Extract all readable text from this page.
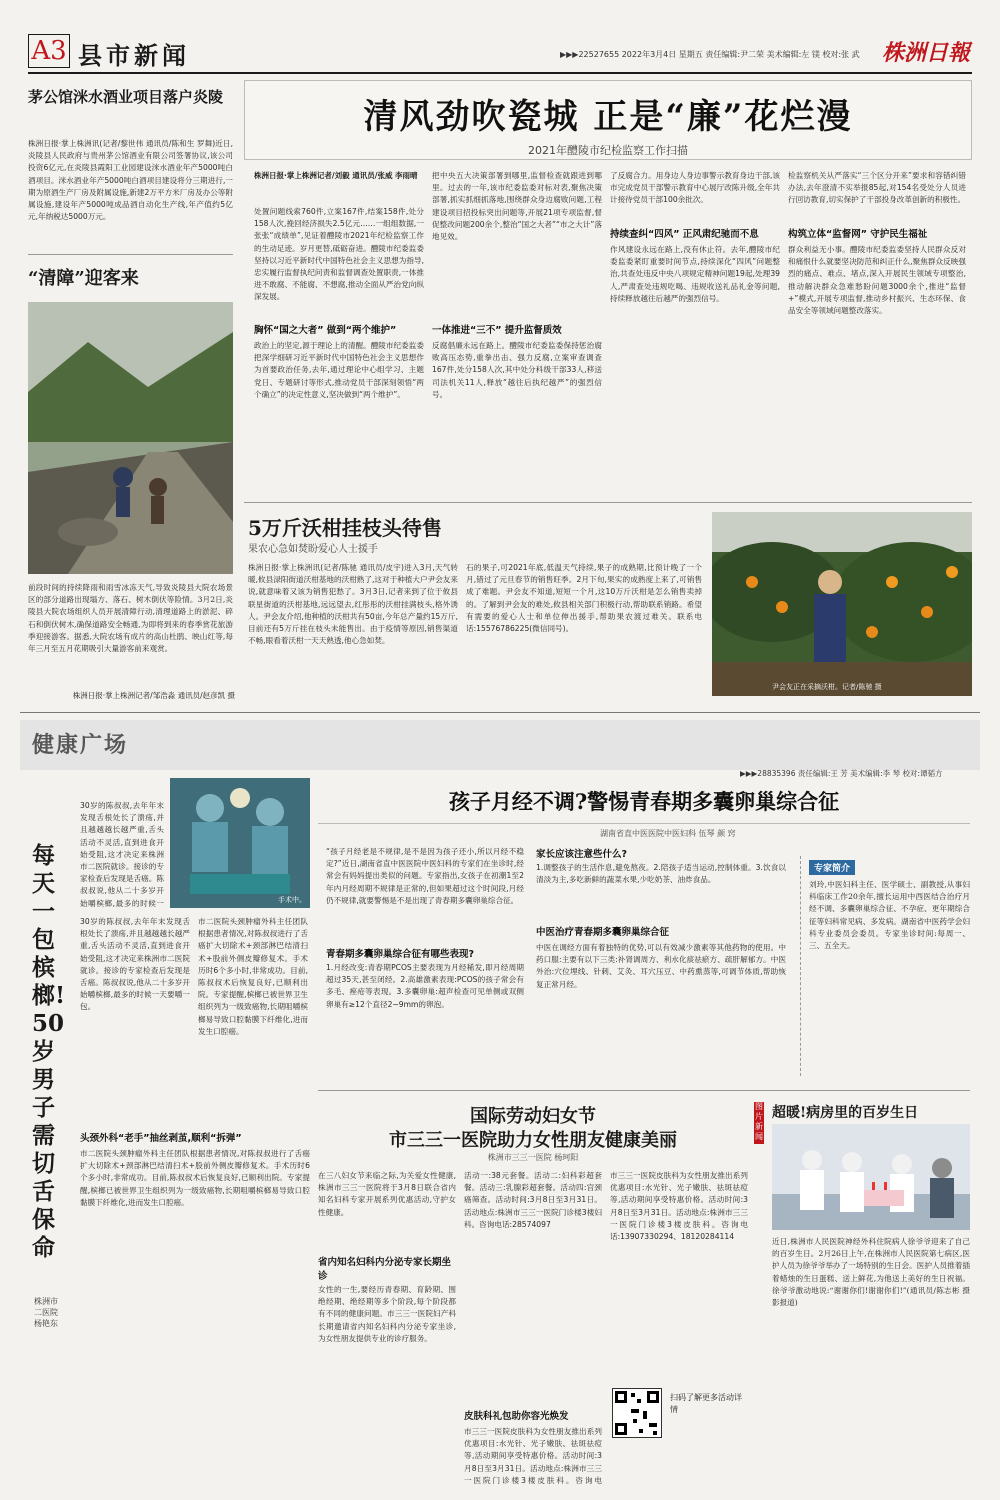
A3 县市新闻	▶▶▶22527655 2022年3月4日 星期五 责任编辑:尹二荣 美术编辑:左 镁 校对:张 武 株洲日報
茅公馆洣水酒业项目落户炎陵
株洲日报·掌上株洲讯(记者/黎世伟 通讯员/陈和生 罗舞)近日,炎陵县人民政府与贵州茅公馆酒业有限公司签署协议,该公司投资6亿元,在炎陵县霞阳工业园建设洣水酒业年产5000吨白酒项目。洣水酒业年产5000吨白酒项目建设将分三期进行,一期为原酒生产厂房及附属设施,新建2万平方米厂房及办公等附属设施,建设年产5000吨成品酒自动化生产线,年产值约5亿元,年纳税达5000万元。
“清障”迎客来
前段时间的持续降雨和雨雪冰冻天气,导致炎陵县大院农场景区的部分道路出现塌方、落石、树木倒伏等险情。3月2日,炎陵县大院农场组织人员开展清障行动,清理道路上的淤泥、碎石和倒伏树木,确保道路安全畅通,为即将到来的春季赏花旅游季迎接游客。据悉,大院农场有成片的高山杜鹃、映山红等,每年三月至五月花期吸引大量游客前来观赏。
株洲日报·掌上株洲记者/邹浩淼 通讯员/赵彦凯 摄
清风劲吹瓷城 正是“廉”花烂漫
2021年醴陵市纪检监察工作扫描
株洲日报·掌上株洲记者/刘毅 通讯员/张威 李雨晴
处置问题线索760件,立案167件,结案158件,处分158人次,挽回经济损失2.5亿元……一组组数据,一张张“成绩单”,见证着醴陵市2021年纪检监察工作的生动足迹。岁月更替,砥砺奋进。醴陵市纪委监委坚持以习近平新时代中国特色社会主义思想为指导,忠实履行监督执纪问责和监督调查处置职责,一体推进不敢腐、不能腐、不想腐,推动全面从严治党向纵深发展。
胸怀“国之大者” 做到“两个维护”
政治上的坚定,源于理论上的清醒。醴陵市纪委监委把深学细研习近平新时代中国特色社会主义思想作为首要政治任务,去年,通过理论中心组学习、主题党日、专题研讨等形式,推动党员干部深刻领悟“两个确立”的决定性意义,坚决做到“两个维护”。
把中央五大决策部署到哪里,监督检查就跟进到哪里。过去的一年,该市纪委监委对标对表,聚焦决策部署,抓实抓细抓落地,围绕群众身边腐败问题,工程建设项目招投标突出问题等,开展21项专项监督,督促整改问题200余个,整治“国之大者”“市之大计”落地见效。
一体推进“三不” 提升监督质效
反腐倡廉永远在路上。醴陵市纪委监委保持惩治腐败高压态势,重拳出击、强力反腐,立案审查调查167件,处分158人次,其中处分科级干部33人,移送司法机关11人,释放“越往后执纪越严”的强烈信号。
了反腐合力。用身边人身边事警示教育身边干部,该市完成党员干部警示教育中心展厅改陈升级,全年共计接待党员干部100余批次。
持续查纠“四风” 正风肃纪驰而不息
作风建设永远在路上,没有休止符。去年,醴陵市纪委监委紧盯重要时间节点,持续深化“四风”问题整治,共查处违反中央八项规定精神问题19起,处理39人,严肃查处违规吃喝、违规收送礼品礼金等问题,持续释放越往后越严的强烈信号。
检监察机关从严落实“三个区分开来”要求和容错纠错办法,去年澄清不实举报85起,对154名受处分人员进行回访教育,切实保护了干部投身改革创新的积极性。
构筑立体“监督网” 守护民生福祉
群众利益无小事。醴陵市纪委监委坚持人民群众反对和痛恨什么就要坚决防范和纠正什么,聚焦群众反映强烈的痛点、难点、堵点,深入开展民生领域专项整治,推动解决群众急难愁盼问题3000余个,推进“监督+”模式,开展专项监督,推动乡村振兴、生态环保、食品安全等领域问题整改落实。
5万斤沃柑挂枝头待售
果农心急如焚盼爱心人士援手
株洲日报·掌上株洲讯(记者/陈驰 通讯员/皮宇)进入3月,天气转暖,攸县渌阳街道沃柑基地的沃柑熟了,这对于种植大户尹会友来说,就意味着又该为销售犯愁了。3月3日,记者来到了位于攸县联星街道的沃柑基地,远远望去,红彤彤的沃柑挂满枝头,格外诱人。尹会友介绍,他种植的沃柑共有50亩,今年总产量约15万斤,目前还有5万斤挂在枝头未能售出。由于疫情等原因,销售渠道不畅,眼看着沃柑一天天熟透,他心急如焚。
石的果子,可2021年底,低温天气持续,果子的成熟期,比预计晚了一个月,错过了元旦春节的销售旺季。2月下旬,果实的成熟度上来了,可销售成了难题。尹会友不知道,短短一个月,这10万斤沃柑是怎么销售卖掉的。了解到尹会友的难处,攸县相关部门积极行动,帮助联系销路。希望有需要的爱心人士和单位伸出援手,帮助果农渡过难关。联系电话:15576786225(微信同号)。
尹会友正在采摘沃柑。记者/陈驰 摄
健康广场
▶▶▶28835396 责任编辑:王 芳 美术编辑:李 琴 校对:谭韬方
孩子月经不调?警惕青春期多囊卵巢综合征
湖南省直中医医院中医妇科 伍琴 颜 窍
“孩子月经老是不规律,是不是因为孩子还小,所以月经不稳定?”近日,湖南省直中医医院中医妇科的专家们在坐诊时,经常会有妈妈提出类似的问题。专家指出,女孩子在初潮1至2年内月经周期不规律是正常的,但如果超过这个时间段,月经仍不规律,就要警惕是不是出现了青春期多囊卵巢综合征。
青春期多囊卵巢综合征有哪些表现?
1.月经改变:青春期PCOS主要表现为月经稀发,即月经周期超过35天,甚至闭经。2.高雄激素表现:PCOS的孩子常会有多毛、痤疮等表现。3.多囊卵巢:超声检查可见单侧或双侧卵巢有≥12个直径2~9mm的卵泡。
家长应该注意些什么?
1.调整孩子的生活作息,避免熬夜。2.陪孩子适当运动,控制体重。3.饮食以清淡为主,多吃新鲜的蔬菜水果,少吃奶茶、油炸食品。
中医治疗青春期多囊卵巢综合征
中医在调经方面有着独特的优势,可以有效减少激素等其他药物的使用。中药口服:主要有以下三类:补肾调周方、利水化痰祛瘀方、疏肝解郁方。中医外治:穴位埋线、针刺、艾灸、耳穴压豆、中药熏蒸等,可调节体质,帮助恢复正常月经。
专家简介
刘玲,中医妇科主任、医学硕士、副教授,从事妇科临床工作20余年,擅长运用中西医结合治疗月经不调、多囊卵巢综合征、不孕症、更年期综合征等妇科常见病、多发病。湖南省中医药学会妇科专业委员会委员。专家坐诊时间:每周一、三、五全天。
手术中。
每天一包槟榔!50岁男子需切舌保命
株洲市二医院 杨艳东
30岁的陈叔叔,去年年末发现舌根处长了溃疡,并且越越越长越严重,舌头活动不灵活,直到进食开始受阻,这才决定来株洲市二医院就诊。接诊的专家检查后发现是舌癌。陈叔叔说,他从二十多岁开始嚼槟榔,最多的时候一
头颈外科“老手”抽丝剥茧,顺利“拆弹”
30岁的陈叔叔,去年年末发现舌根处长了溃疡,并且越越越长越严重,舌头活动不灵活,直到进食开始受阻,这才决定来株洲市二医院就诊。接诊的专家检查后发现是舌癌。陈叔叔说,他从二十多岁开始嚼槟榔,最多的时候一天要嚼一包。
市二医院头颈肿瘤外科主任团队根据患者情况,对陈叔叔进行了舌癌扩大切除术+颈部淋巴结清扫术+股前外侧皮瓣修复术。手术历时6个多小时,非常成功。目前,陈叔叔术后恢复良好,已顺利出院。专家提醒,槟榔已被世界卫生组织列为一级致癌物,长期咀嚼槟榔易导致口腔黏膜下纤维化,进而发生口腔癌。
市二医院头颈肿瘤外科主任团队根据患者情况,对陈叔叔进行了舌癌扩大切除术+颈部淋巴结清扫术+股前外侧皮瓣修复术。手术历时6个多小时,非常成功。目前,陈叔叔术后恢复良好,已顺利出院。专家提醒,槟榔已被世界卫生组织列为一级致癌物,长期咀嚼槟榔易导致口腔黏膜下纤维化,进而发生口腔癌。
国际劳动妇女节
市三三一医院助力女性朋友健康美丽
株洲市三三一医院 杨珂阳
在三八妇女节来临之际,为关爱女性健康,株洲市三三一医院将于3月8日联合省内知名妇科专家开展系列优惠活动,守护女性健康。
省内知名妇科内分泌专家长期坐诊
女性的一生,要经历青春期、育龄期、围绝经期、绝经期等多个阶段,每个阶段都有不同的健康问题。市三三一医院妇产科长期邀请省内知名妇科内分泌专家坐诊,为女性朋友提供专业的诊疗服务。
活动一:38元套餐。活动二:妇科彩超套餐。活动三:乳腺彩超套餐。活动四:宫颈癌筛查。活动时间:3月8日至3月31日。活动地点:株洲市三三一医院门诊楼3楼妇科。咨询电话:28574097
皮肤科礼包助你容光焕发
市三三一医院皮肤科为女性朋友推出系列优惠项目:水光针、光子嫩肤、祛斑祛痘等,活动期间享受特惠价格。活动时间:3月8日至3月31日。活动地点:株洲市三三一医院门诊楼3楼皮肤科。咨询电
市三三一医院皮肤科为女性朋友推出系列优惠项目:水光针、光子嫩肤、祛斑祛痘等,活动期间享受特惠价格。活动时间:3月8日至3月31日。活动地点:株洲市三三一医院门诊楼3楼皮肤科。咨询电话:13907330294、18120284114
扫码了解更多活动详情
图片新闻
超暖!病房里的百岁生日
近日,株洲市人民医院神经外科住院病人徐爷爷迎来了自己的百岁生日。2月26日上午,在株洲市人民医院第七病区,医护人员为徐爷爷举办了一场特别的生日会。医护人员推着插着蜡烛的生日蛋糕、送上鲜花,为他送上美好的生日祝福。徐爷爷激动地说:“谢谢你们!谢谢你们!”(通讯员/陈志彬 摄影报道)
